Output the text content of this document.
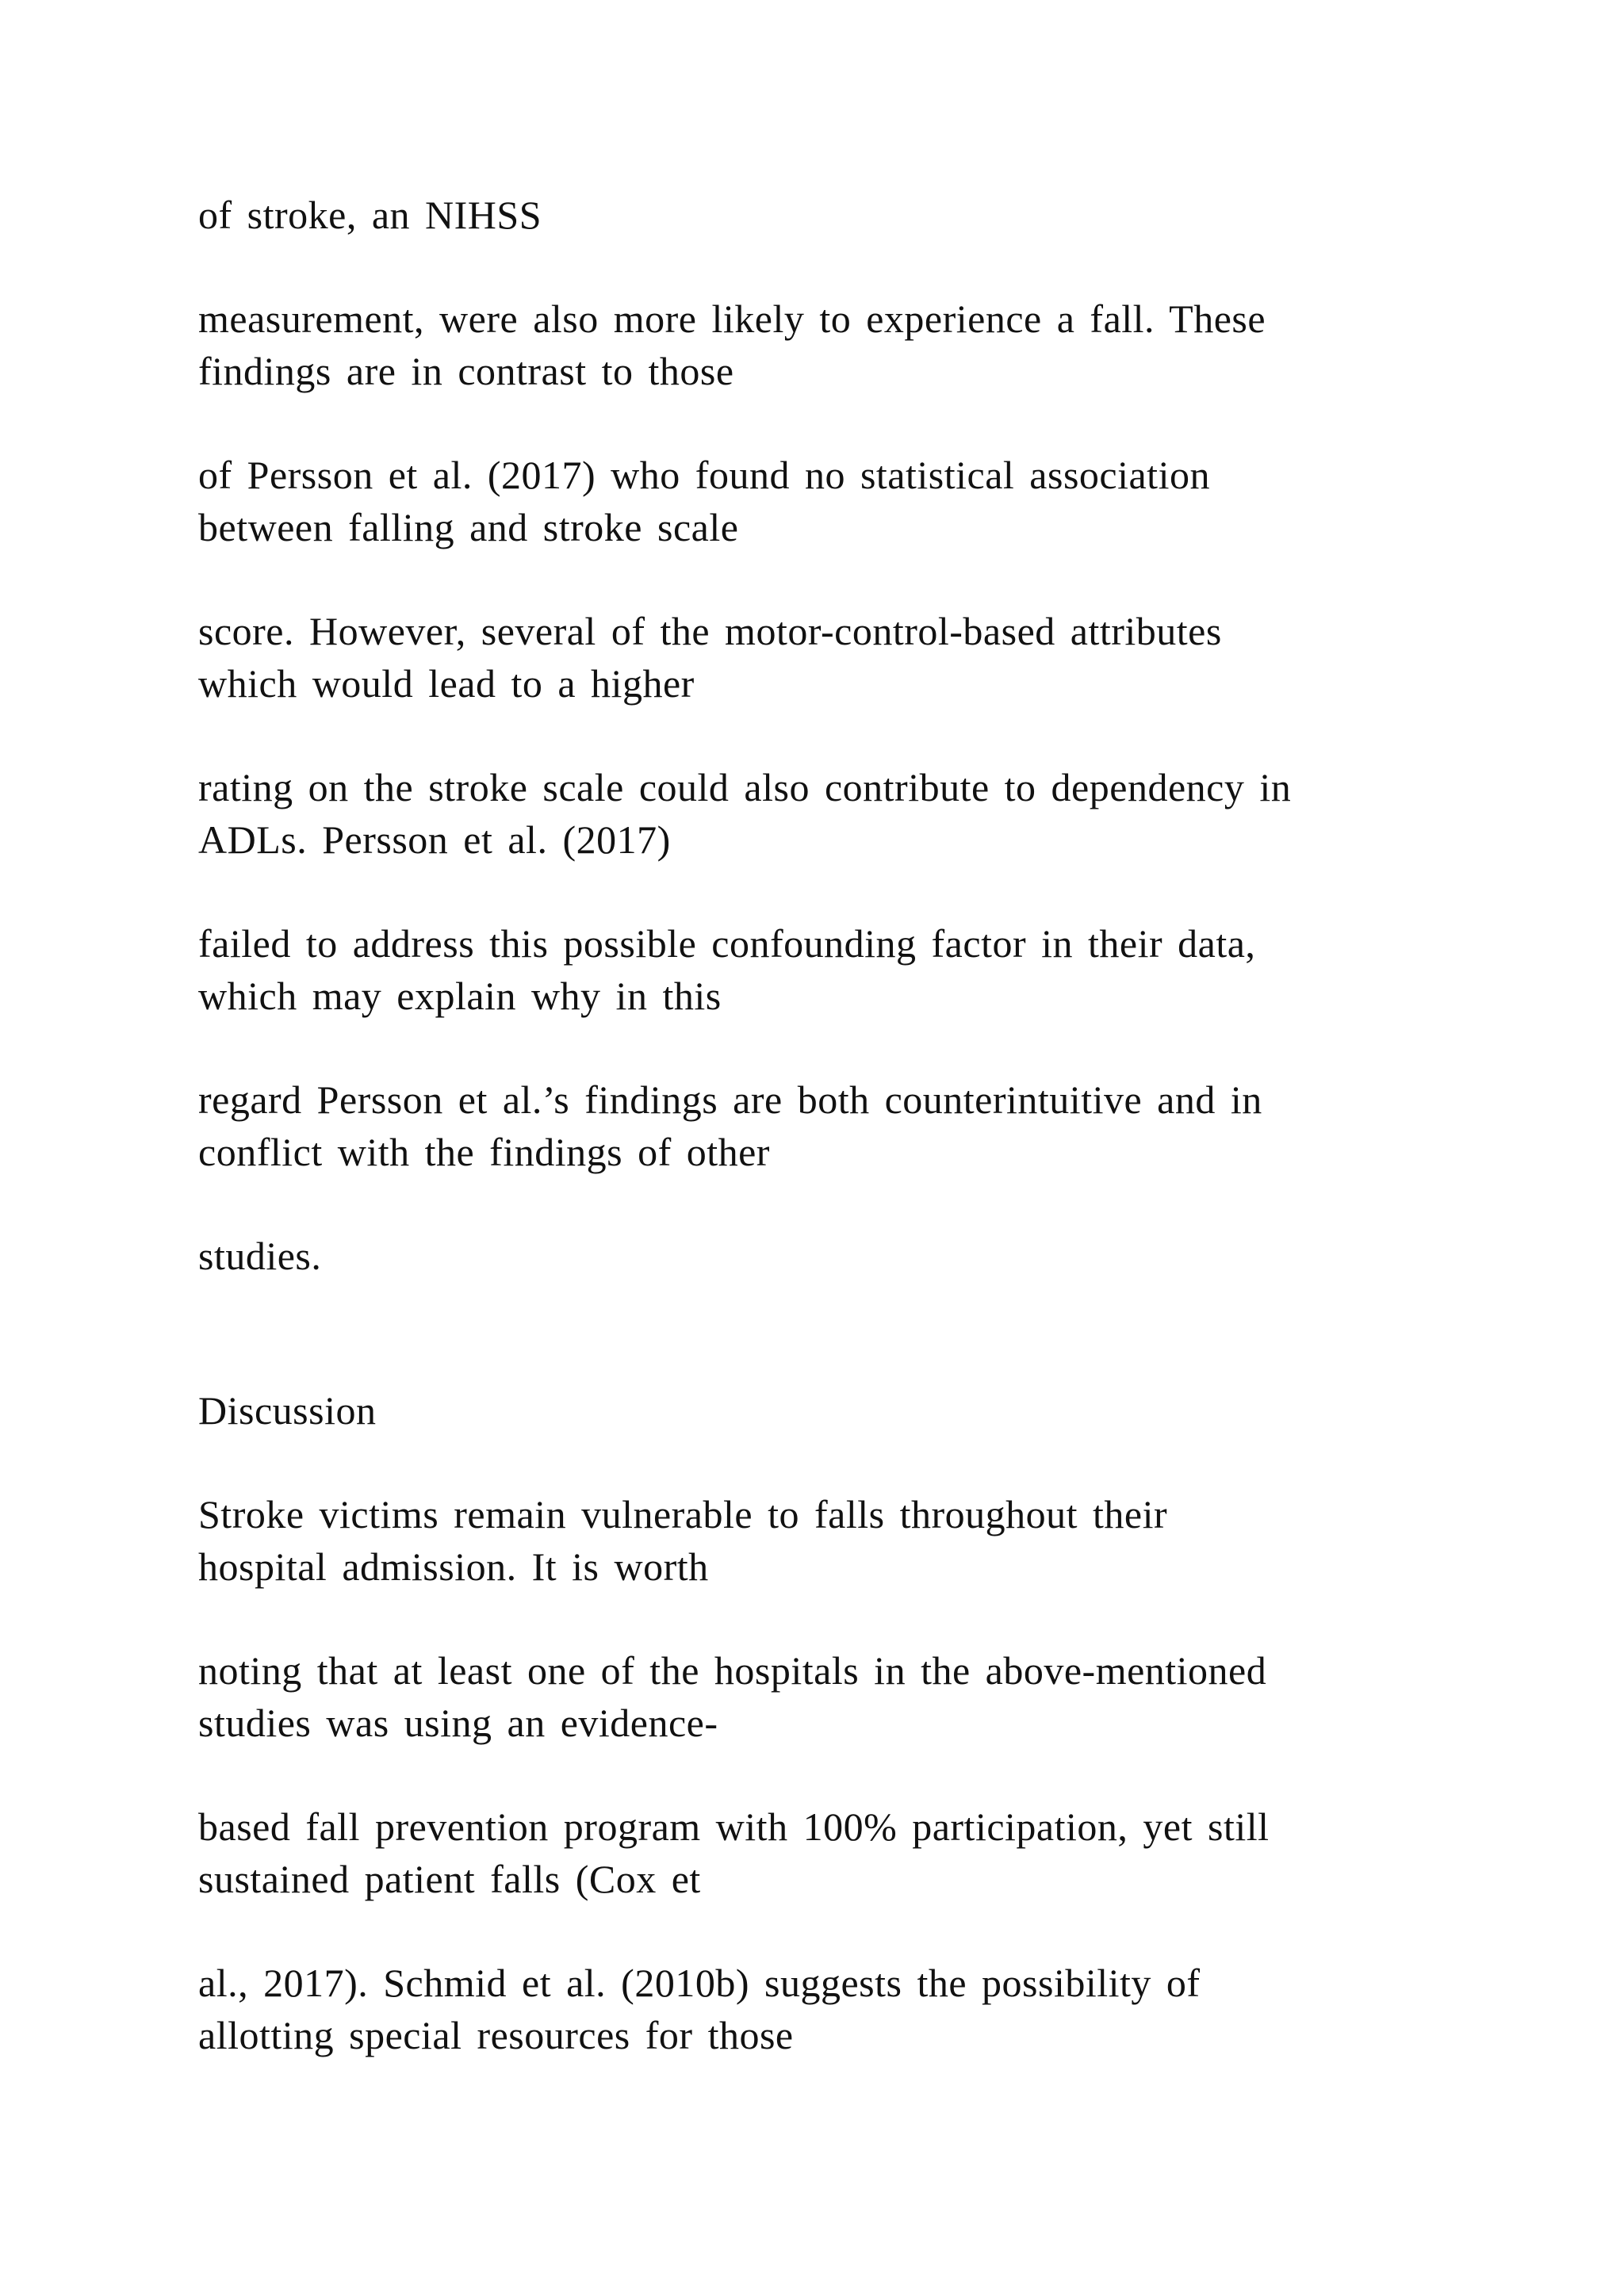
of stroke, an NIHSS

measurement, were also more likely to experience a fall. These
findings are in contrast to those

of Persson et al. (2017) who found no statistical association
between falling and stroke scale

score. However, several of the motor-control-based attributes
which would lead to a higher

rating on the stroke scale could also contribute to dependency in
ADLs. Persson et al. (2017)

failed to address this possible confounding factor in their data,
which may explain why in this

regard Persson et al.’s findings are both counterintuitive and in
conflict with the findings of other

studies.

Discussion

Stroke victims remain vulnerable to falls throughout their
hospital admission. It is worth

noting that at least one of the hospitals in the above-mentioned
studies was using an evidence-

based fall prevention program with 100% participation, yet still
sustained patient falls (Cox et

al., 2017). Schmid et al. (2010b) suggests the possibility of
allotting special resources for those
